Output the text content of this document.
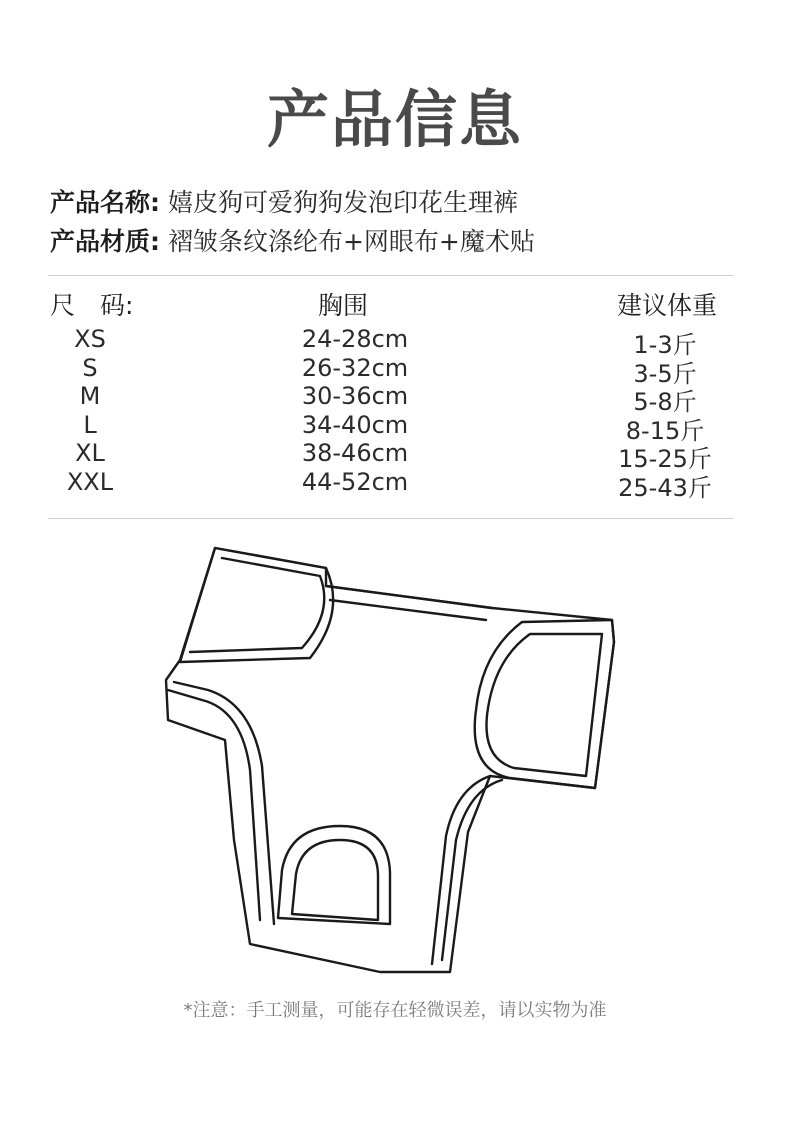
产品信息
产品名称: 嬉皮狗可爱狗狗发泡印花生理裤
产品材质: 褶皱条纹涤纶布+网眼布+魔术贴
尺　码:	胸围	建议体重
XS	24-28cm	1-3斤
S	26-32cm	3-5斤
M	30-36cm	5-8斤
L	34-40cm	8-15斤
XL	38-46cm	15-25斤
XXL	44-52cm	25-43斤
*注意：手工测量，可能存在轻微误差，请以实物为准
